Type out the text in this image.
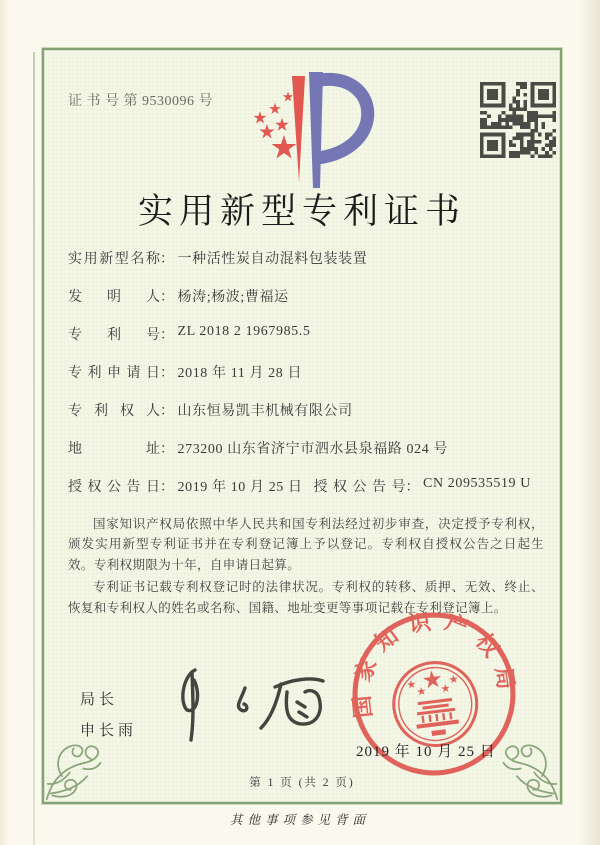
证 书 号 第 9530096 号
实用新型专利证书
实用新型名称： 一种活性炭自动混料包装装置
发明人： 杨涛;杨波;曹福运
专利号： ZL 2018 2 1967985.5
专利申请日： 2018 年 11 月 28 日
专利权人： 山东恒易凯丰机械有限公司
地址： 273200 山东省济宁市泗水县泉福路 024 号
授权公告日： 2019 年 10 月 25 日 授权公告号： CN 209535519 U

国家知识产权局依照中华人民共和国专利法经过初步审查，决定授予专利权，颁发实用新型专利证书并在专利登记簿上予以登记。专利权自授权公告之日起生效。专利权期限为十年，自申请日起算。

专利证书记载专利权登记时的法律状况。专利权的转移、质押、无效、终止、恢复和专利权人的姓名或名称、国籍、地址变更等事项记载在专利登记簿上。

局长
申长雨
国家知识产权局
2019 年 10 月 25 日
第 1 页 (共 2 页)
其他事项参见背面
